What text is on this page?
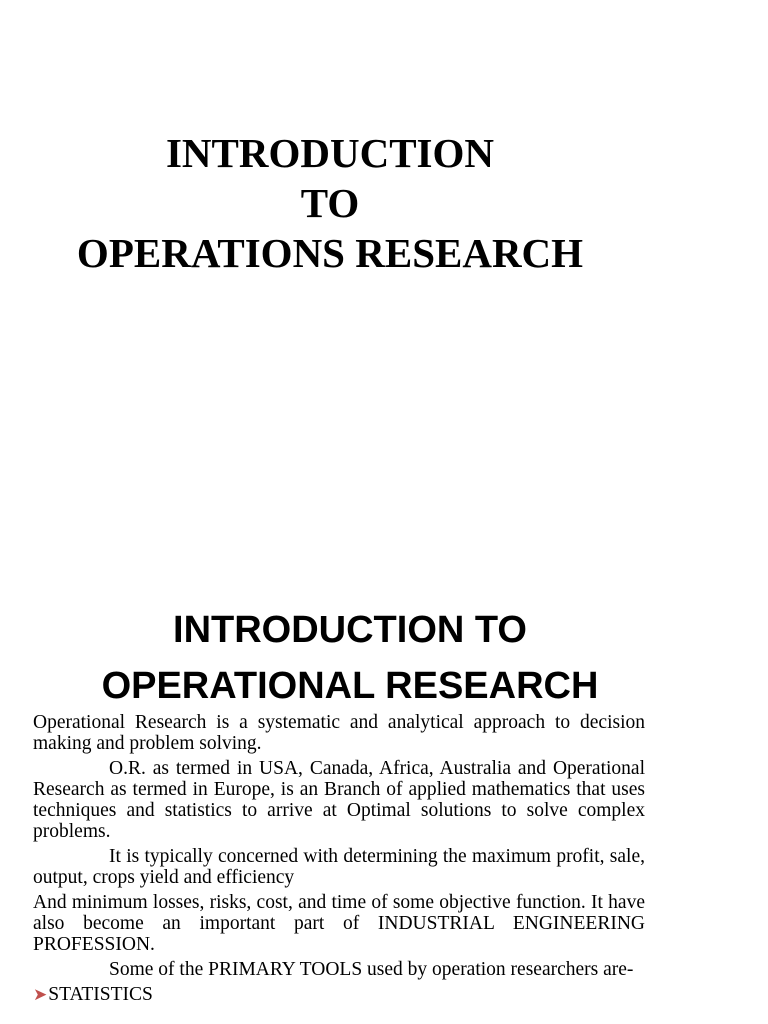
INTRODUCTION
TO
OPERATIONS RESEARCH
INTRODUCTION TO
OPERATIONAL RESEARCH

Operational Research is a systematic and analytical approach to decision making and problem solving.

O.R. as termed in USA, Canada, Africa, Australia and Operational Research as termed in Europe, is an Branch of applied mathematics that uses techniques and statistics to arrive at Optimal solutions to solve complex problems.

It is typically concerned with determining the maximum profit, sale, output, crops yield and efficiency

And minimum losses, risks, cost, and time of some objective function. It have also become an important part of INDUSTRIAL ENGINEERING PROFESSION.

Some of the PRIMARY TOOLS used by operation researchers are-

➤ STATISTICS
